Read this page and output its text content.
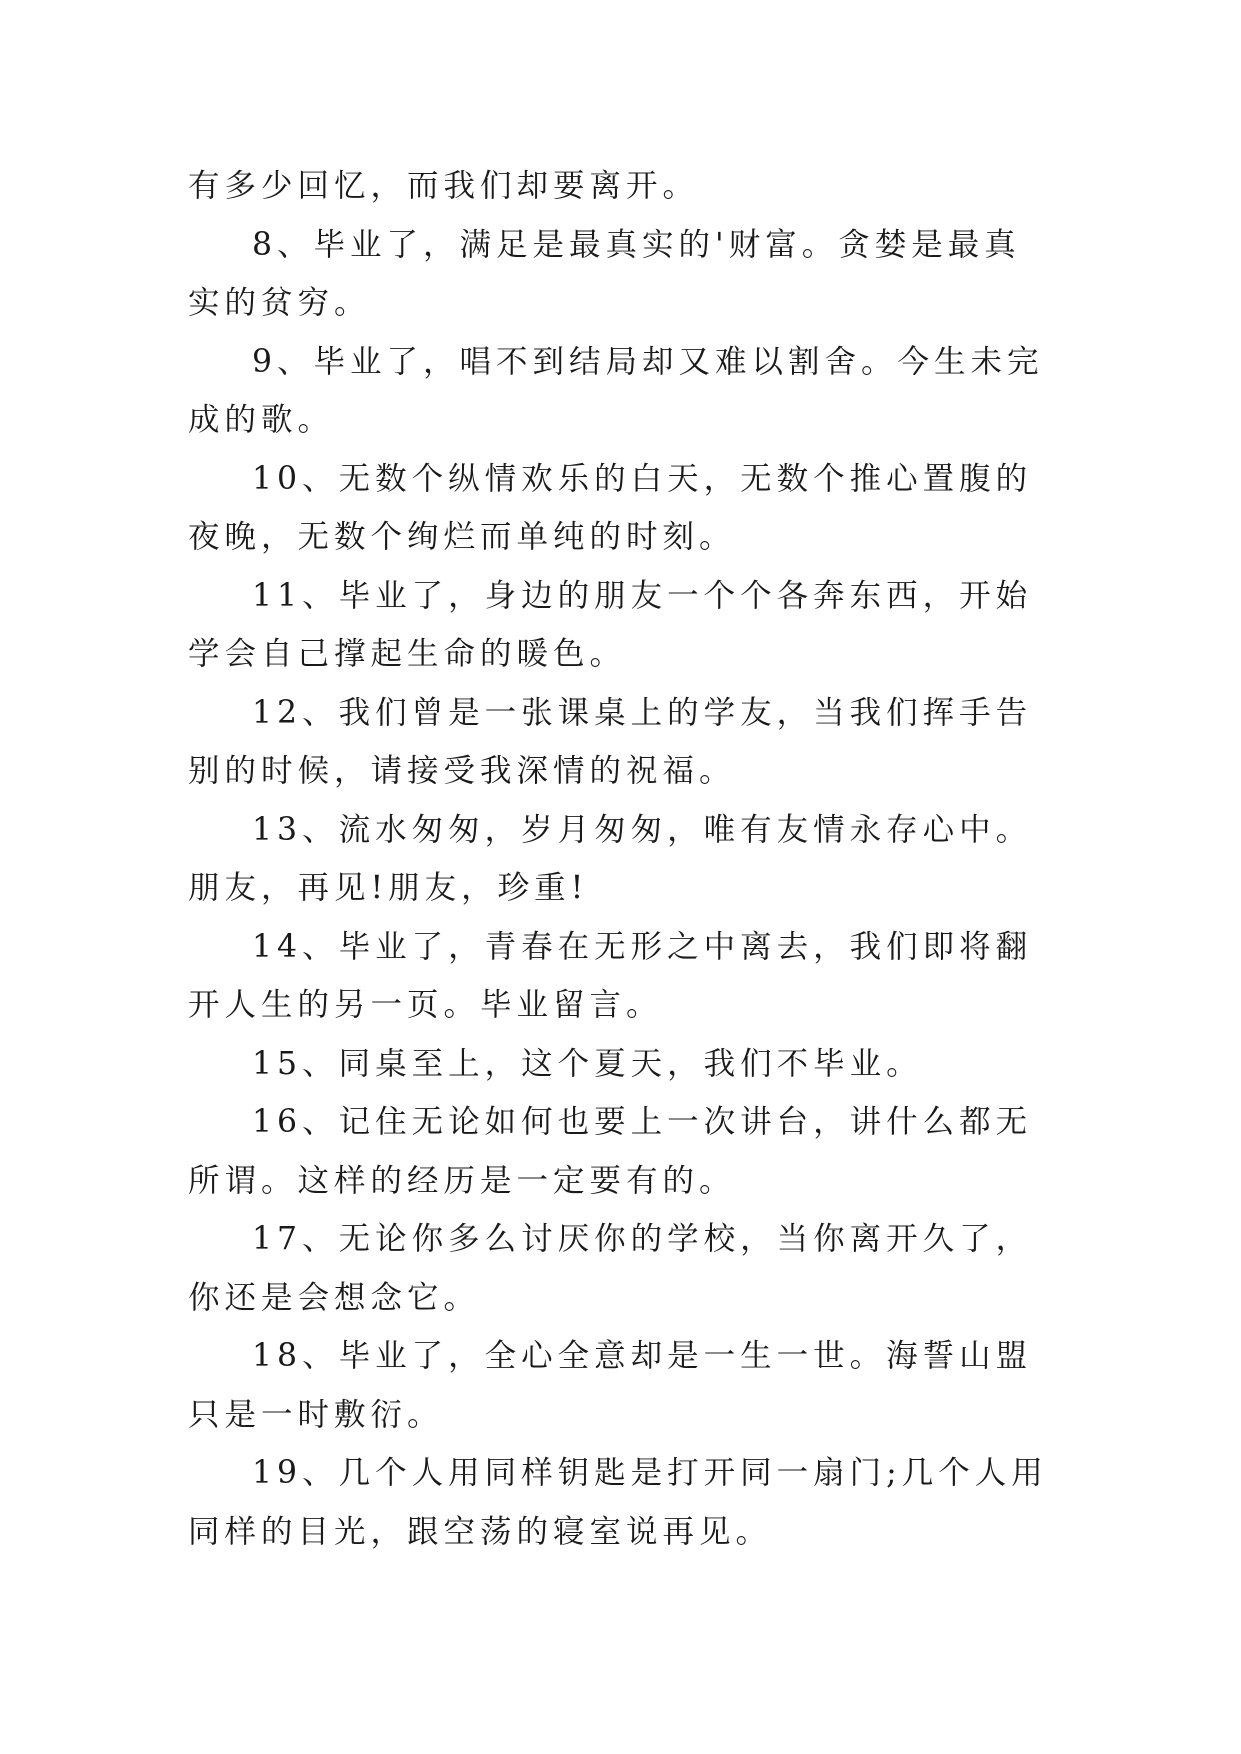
有多少回忆，而我们却要离开。

8、毕业了，满足是最真实的'财富。贪婪是最真实的贫穷。

9、毕业了，唱不到结局却又难以割舍。今生未完成的歌。

10、无数个纵情欢乐的白天，无数个推心置腹的夜晚，无数个绚烂而单纯的时刻。

11、毕业了，身边的朋友一个个各奔东西，开始学会自己撑起生命的暖色。

12、我们曾是一张课桌上的学友，当我们挥手告别的时候，请接受我深情的祝福。

13、流水匆匆，岁月匆匆，唯有友情永存心中。朋友，再见!朋友，珍重!

14、毕业了，青春在无形之中离去，我们即将翻开人生的另一页。毕业留言。

15、同桌至上，这个夏天，我们不毕业。

16、记住无论如何也要上一次讲台，讲什么都无所谓。这样的经历是一定要有的。

17、无论你多么讨厌你的学校，当你离开久了，你还是会想念它。

18、毕业了，全心全意却是一生一世。海誓山盟只是一时敷衍。

19、几个人用同样钥匙是打开同一扇门;几个人用同样的目光，跟空荡的寝室说再见。
